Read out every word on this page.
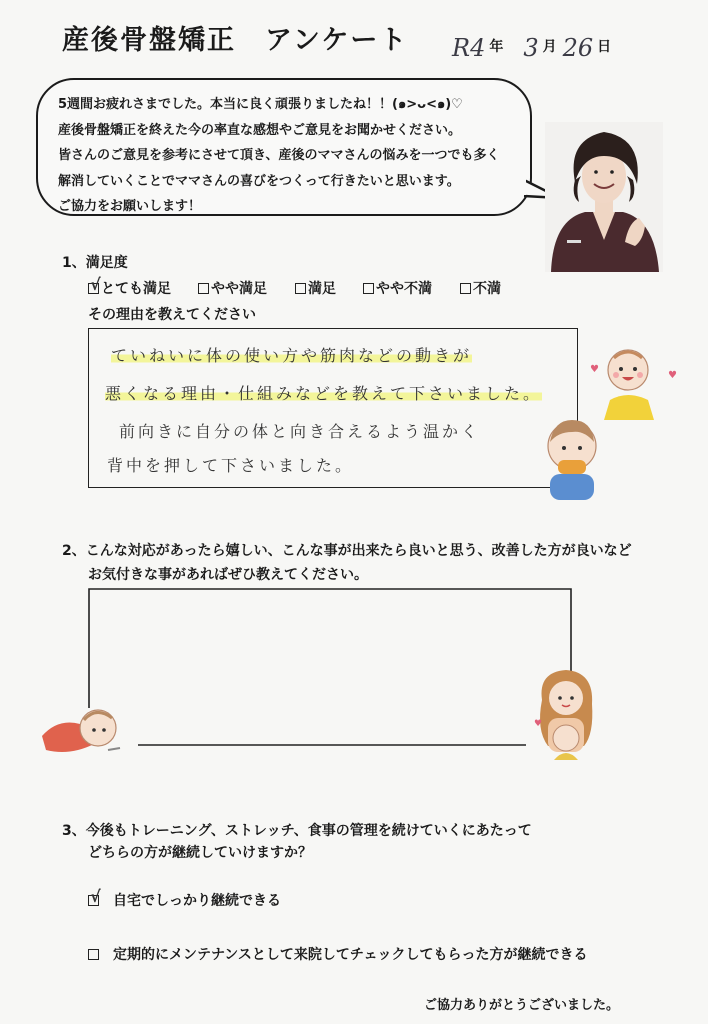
産後骨盤矯正　アンケート R4 年 3 月 26 日
5週間お疲れさまでした。本当に良く頑張りましたね！！(๑>ᴗ<๑)♡
産後骨盤矯正を終えた今の率直な感想やご意見をお聞かせください。
皆さんのご意見を参考にさせて頂き、産後のママさんの悩みを一つでも多く
解消していくことでママさんの喜びをつくって行きたいと思います。
ご協力をお願いします！
1、満足度
√ とても満足	やや満足	満足	やや不満	不満
その理由を教えてください
ていねいに体の使い方や筋肉などの動きが
悪くなる理由・仕組みなどを教えて下さいました。
前向きに自分の体と向き合えるよう温かく
背中を押して下さいました。
♥
♥
2、こんな対応があったら嬉しい、こんな事が出来たら良いと思う、改善した方が良いなど
お気付きな事があればぜひ教えてください。
♥
3、今後もトレーニング、ストレッチ、食事の管理を続けていくにあたって
どちらの方が継続していけますか？
√ 自宅でしっかり継続できる
定期的にメンテナンスとして来院してチェックしてもらった方が継続できる
ご協力ありがとうございました。
